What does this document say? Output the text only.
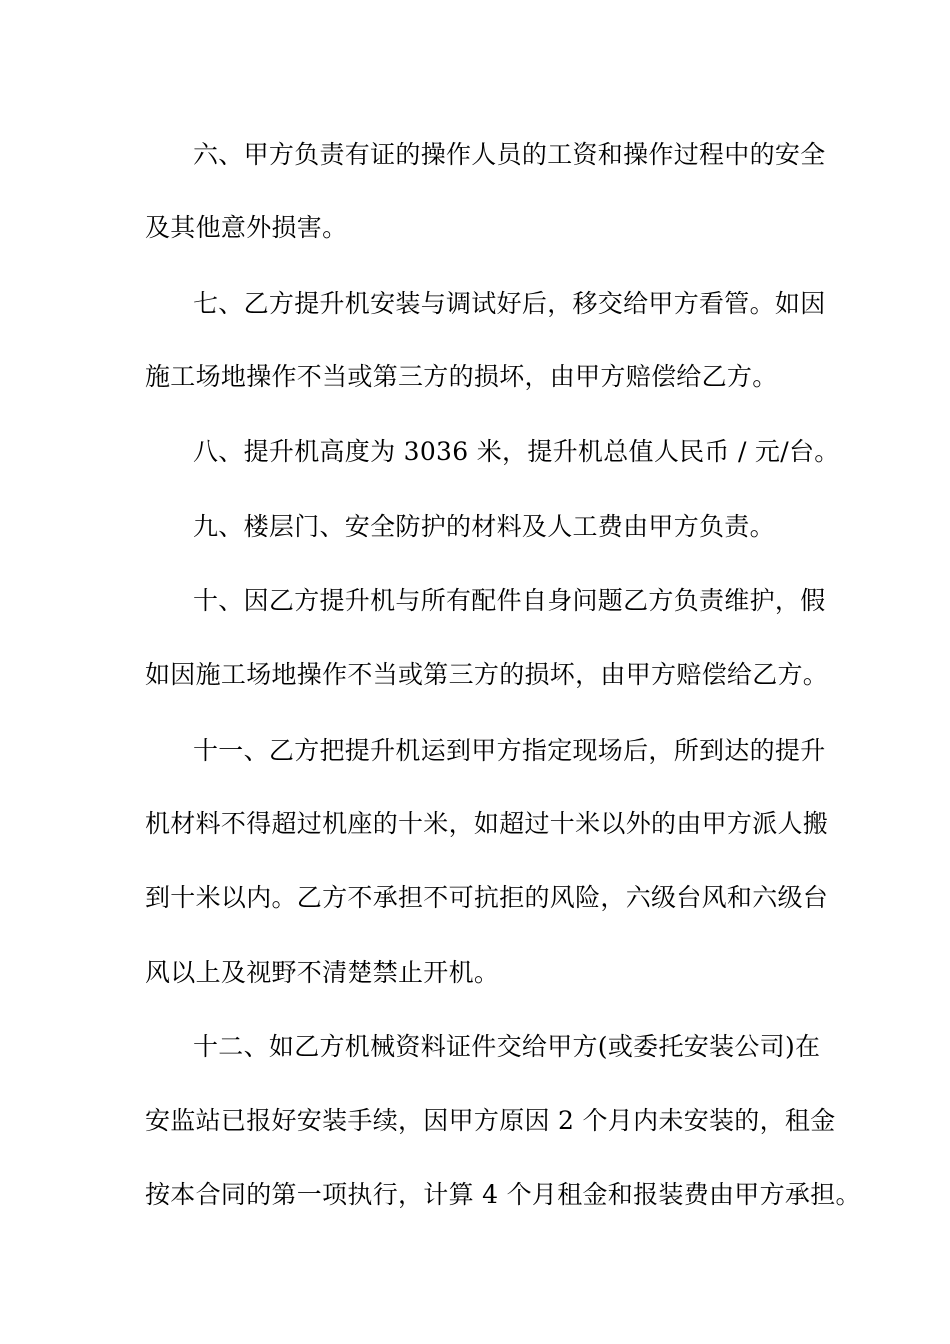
六、甲方负责有证的操作人员的工资和操作过程中的安全
及其他意外损害。
七、乙方提升机安装与调试好后，移交给甲方看管。如因
施工场地操作不当或第三方的损坏，由甲方赔偿给乙方。
八、提升机高度为 3036 米，提升机总值人民币 / 元/台。
九、楼层门、安全防护的材料及人工费由甲方负责。
十、因乙方提升机与所有配件自身问题乙方负责维护，假
如因施工场地操作不当或第三方的损坏，由甲方赔偿给乙方。
十一、乙方把提升机运到甲方指定现场后，所到达的提升
机材料不得超过机座的十米，如超过十米以外的由甲方派人搬
到十米以内。乙方不承担不可抗拒的风险，六级台风和六级台
风以上及视野不清楚禁止开机。
十二、如乙方机械资料证件交给甲方(或委托安装公司)在
安监站已报好安装手续，因甲方原因 2 个月内未安装的，租金
按本合同的第一项执行，计算 4 个月租金和报装费由甲方承担。
